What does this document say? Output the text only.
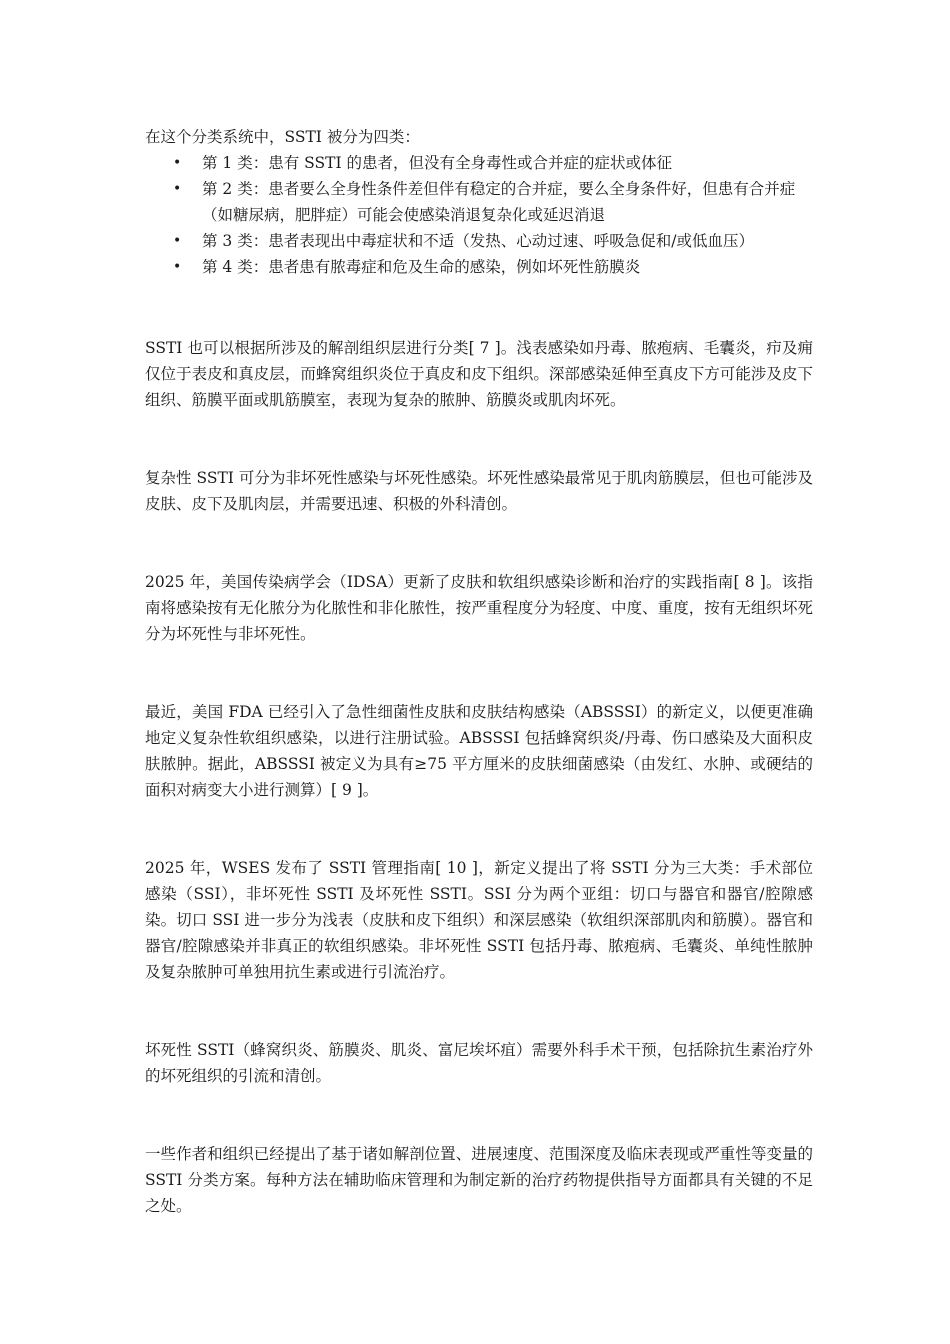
在这个分类系统中，SSTI 被分为四类：

• 第 1 类：患有 SSTI 的患者，但没有全身毒性或合并症的症状或体征
• 第 2 类：患者要么全身性条件差但伴有稳定的合并症，要么全身条件好，但患有合并症（如糖尿病，肥胖症）可能会使感染消退复杂化或延迟消退
• 第 3 类：患者表现出中毒症状和不适（发热、心动过速、呼吸急促和/或低血压）
• 第 4 类：患者患有脓毒症和危及生命的感染，例如坏死性筋膜炎

SSTI 也可以根据所涉及的解剖组织层进行分类[ 7 ]。浅表感染如丹毒、脓疱病、毛囊炎，疖及痈仅位于表皮和真皮层，而蜂窝组织炎位于真皮和皮下组织。深部感染延伸至真皮下方可能涉及皮下组织、筋膜平面或肌筋膜室，表现为复杂的脓肿、筋膜炎或肌肉坏死。

复杂性 SSTI 可分为非坏死性感染与坏死性感染。坏死性感染最常见于肌肉筋膜层，但也可能涉及皮肤、皮下及肌肉层，并需要迅速、积极的外科清创。

2025 年，美国传染病学会（IDSA）更新了皮肤和软组织感染诊断和治疗的实践指南[ 8 ]。该指南将感染按有无化脓分为化脓性和非化脓性，按严重程度分为轻度、中度、重度，按有无组织坏死分为坏死性与非坏死性。

最近，美国 FDA 已经引入了急性细菌性皮肤和皮肤结构感染（ABSSSI）的新定义，以便更准确地定义复杂性软组织感染，以进行注册试验。ABSSSI 包括蜂窝织炎/丹毒、伤口感染及大面积皮肤脓肿。据此，ABSSSI 被定义为具有≥75 平方厘米的皮肤细菌感染（由发红、水肿、或硬结的面积对病变大小进行测算）[ 9 ]。

2025 年，WSES 发布了 SSTI 管理指南[ 10 ]，新定义提出了将 SSTI 分为三大类：手术部位感染（SSI），非坏死性 SSTI 及坏死性 SSTI。SSI 分为两个亚组：切口与器官和器官/腔隙感染。切口 SSI 进一步分为浅表（皮肤和皮下组织）和深层感染（软组织深部肌肉和筋膜）。器官和器官/腔隙感染并非真正的软组织感染。非坏死性 SSTI 包括丹毒、脓疱病、毛囊炎、单纯性脓肿及复杂脓肿可单独用抗生素或进行引流治疗。

坏死性 SSTI（蜂窝织炎、筋膜炎、肌炎、富尼埃坏疽）需要外科手术干预，包括除抗生素治疗外的坏死组织的引流和清创。

一些作者和组织已经提出了基于诸如解剖位置、进展速度、范围深度及临床表现或严重性等变量的 SSTI 分类方案。每种方法在辅助临床管理和为制定新的治疗药物提供指导方面都具有关键的不足之处。
